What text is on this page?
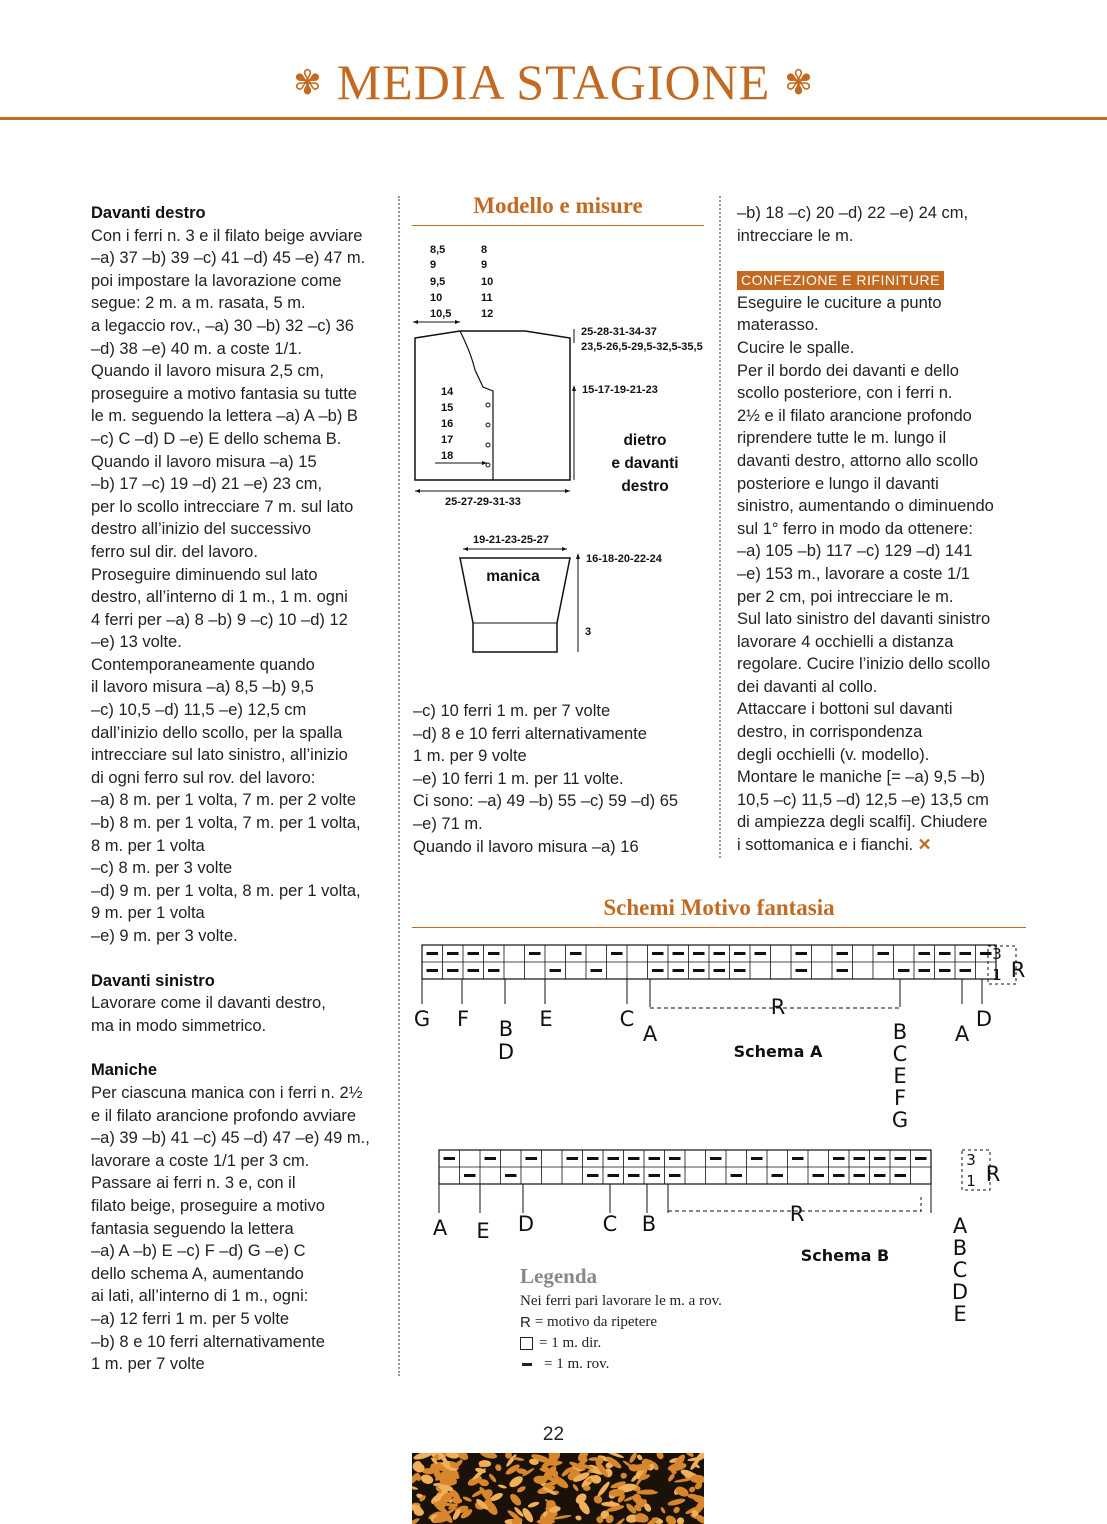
✾ MEDIA STAGIONE ✾

Davanti destro

Con i ferri n. 3 e il filato beige avviare

–a) 37 –b) 39 –c) 41 –d) 45 –e) 47 m.

poi impostare la lavorazione come

segue: 2 m. a m. rasata, 5 m.

a legaccio rov., –a) 30 –b) 32 –c) 36

–d) 38 –e) 40 m. a coste 1/1.

Quando il lavoro misura 2,5 cm,

proseguire a motivo fantasia su tutte

le m. seguendo la lettera –a) A –b) B

–c) C –d) D –e) E dello schema B.

Quando il lavoro misura –a) 15

–b) 17 –c) 19 –d) 21 –e) 23 cm,

per lo scollo intrecciare 7 m. sul lato

destro all’inizio del successivo

ferro sul dir. del lavoro.

Proseguire diminuendo sul lato

destro, all’interno di 1 m., 1 m. ogni

4 ferri per –a) 8 –b) 9 –c) 10 –d) 12

–e) 13 volte.

Contemporaneamente quando

il lavoro misura –a) 8,5 –b) 9,5

–c) 10,5 –d) 11,5 –e) 12,5 cm

dall’inizio dello scollo, per la spalla

intrecciare sul lato sinistro, all’inizio

di ogni ferro sul rov. del lavoro:

–a) 8 m. per 1 volta, 7 m. per 2 volte

–b) 8 m. per 1 volta, 7 m. per 1 volta,

8 m. per 1 volta

–c) 8 m. per 3 volte

–d) 9 m. per 1 volta, 8 m. per 1 volta,

9 m. per 1 volta

–e) 9 m. per 3 volte.

Davanti sinistro

Lavorare come il davanti destro,

ma in modo simmetrico.

Maniche

Per ciascuna manica con i ferri n. 2½

e il filato arancione profondo avviare

–a) 39 –b) 41 –c) 45 –d) 47 –e) 49 m.,

lavorare a coste 1/1 per 3 cm.

Passare ai ferri n. 3 e, con il

filato beige, proseguire a motivo

fantasia seguendo la lettera

–a) A –b) E –c) F –d) G –e) C

dello schema A, aumentando

ai lati, all’interno di 1 m., ogni:

–a) 12 ferri 1 m. per 5 volte

–b) 8 e 10 ferri alternativamente

1 m. per 7 volte

Modello e misure
8,5
9
9,5
10
10,5
8
9
10
11
12
25-28-31-34-37
23,5-26,5-29,5-32,5-35,5
15-17-19-21-23
14
15
16
17
18
25-27-29-31-33
dietro
e davanti
destro
19-21-23-25-27
manica
16-18-20-22-24
3

–c) 10 ferri 1 m. per 7 volte

–d) 8 e 10 ferri alternativamente

1 m. per 9 volte

–e) 10 ferri 1 m. per 11 volte.

Ci sono: –a) 49 –b) 55 –c) 59 –d) 65

–e) 71 m.

Quando il lavoro misura –a) 16

–b) 18 –c) 20 –d) 22 –e) 24 cm,

intrecciare le m.

CONFEZIONE E RIFINITURE

Eseguire le cuciture a punto

materasso.

Cucire le spalle.

Per il bordo dei davanti e dello

scollo posteriore, con i ferri n.

2½ e il filato arancione profondo

riprendere tutte le m. lungo il

davanti destro, attorno allo scollo

posteriore e lungo il davanti

sinistro, aumentando o diminuendo

sul 1° ferro in modo da ottenere:

–a) 105 –b) 117 –c) 129 –d) 141

–e) 153 m., lavorare a coste 1/1

per 2 cm, poi intrecciare le m.

Sul lato sinistro del davanti sinistro

lavorare 4 occhielli a distanza

regolare. Cucire l’inizio dello scollo

dei davanti al collo.

Attaccare i bottoni sul davanti

destro, in corrispondenza

degli occhielli (v. modello).

Montare le maniche [= –a) 9,5 –b)

10,5 –c) 11,5 –d) 12,5 –e) 13,5 cm

di ampiezza degli scalfi]. Chiudere

i sottomanica e i fianchi. ✕

Schemi Motivo fantasia
3
1 R
R
G F	E	C
A
D
B
D
A
B
C
E
F
G
Schema A
3
1 R
R
A E D	C B	A
B
C
D
E
Schema B
Legenda
Nei ferri pari lavorare le m. a rov.
R = motivo da ripetere
= 1 m. dir.
= 1 m. rov.
22
